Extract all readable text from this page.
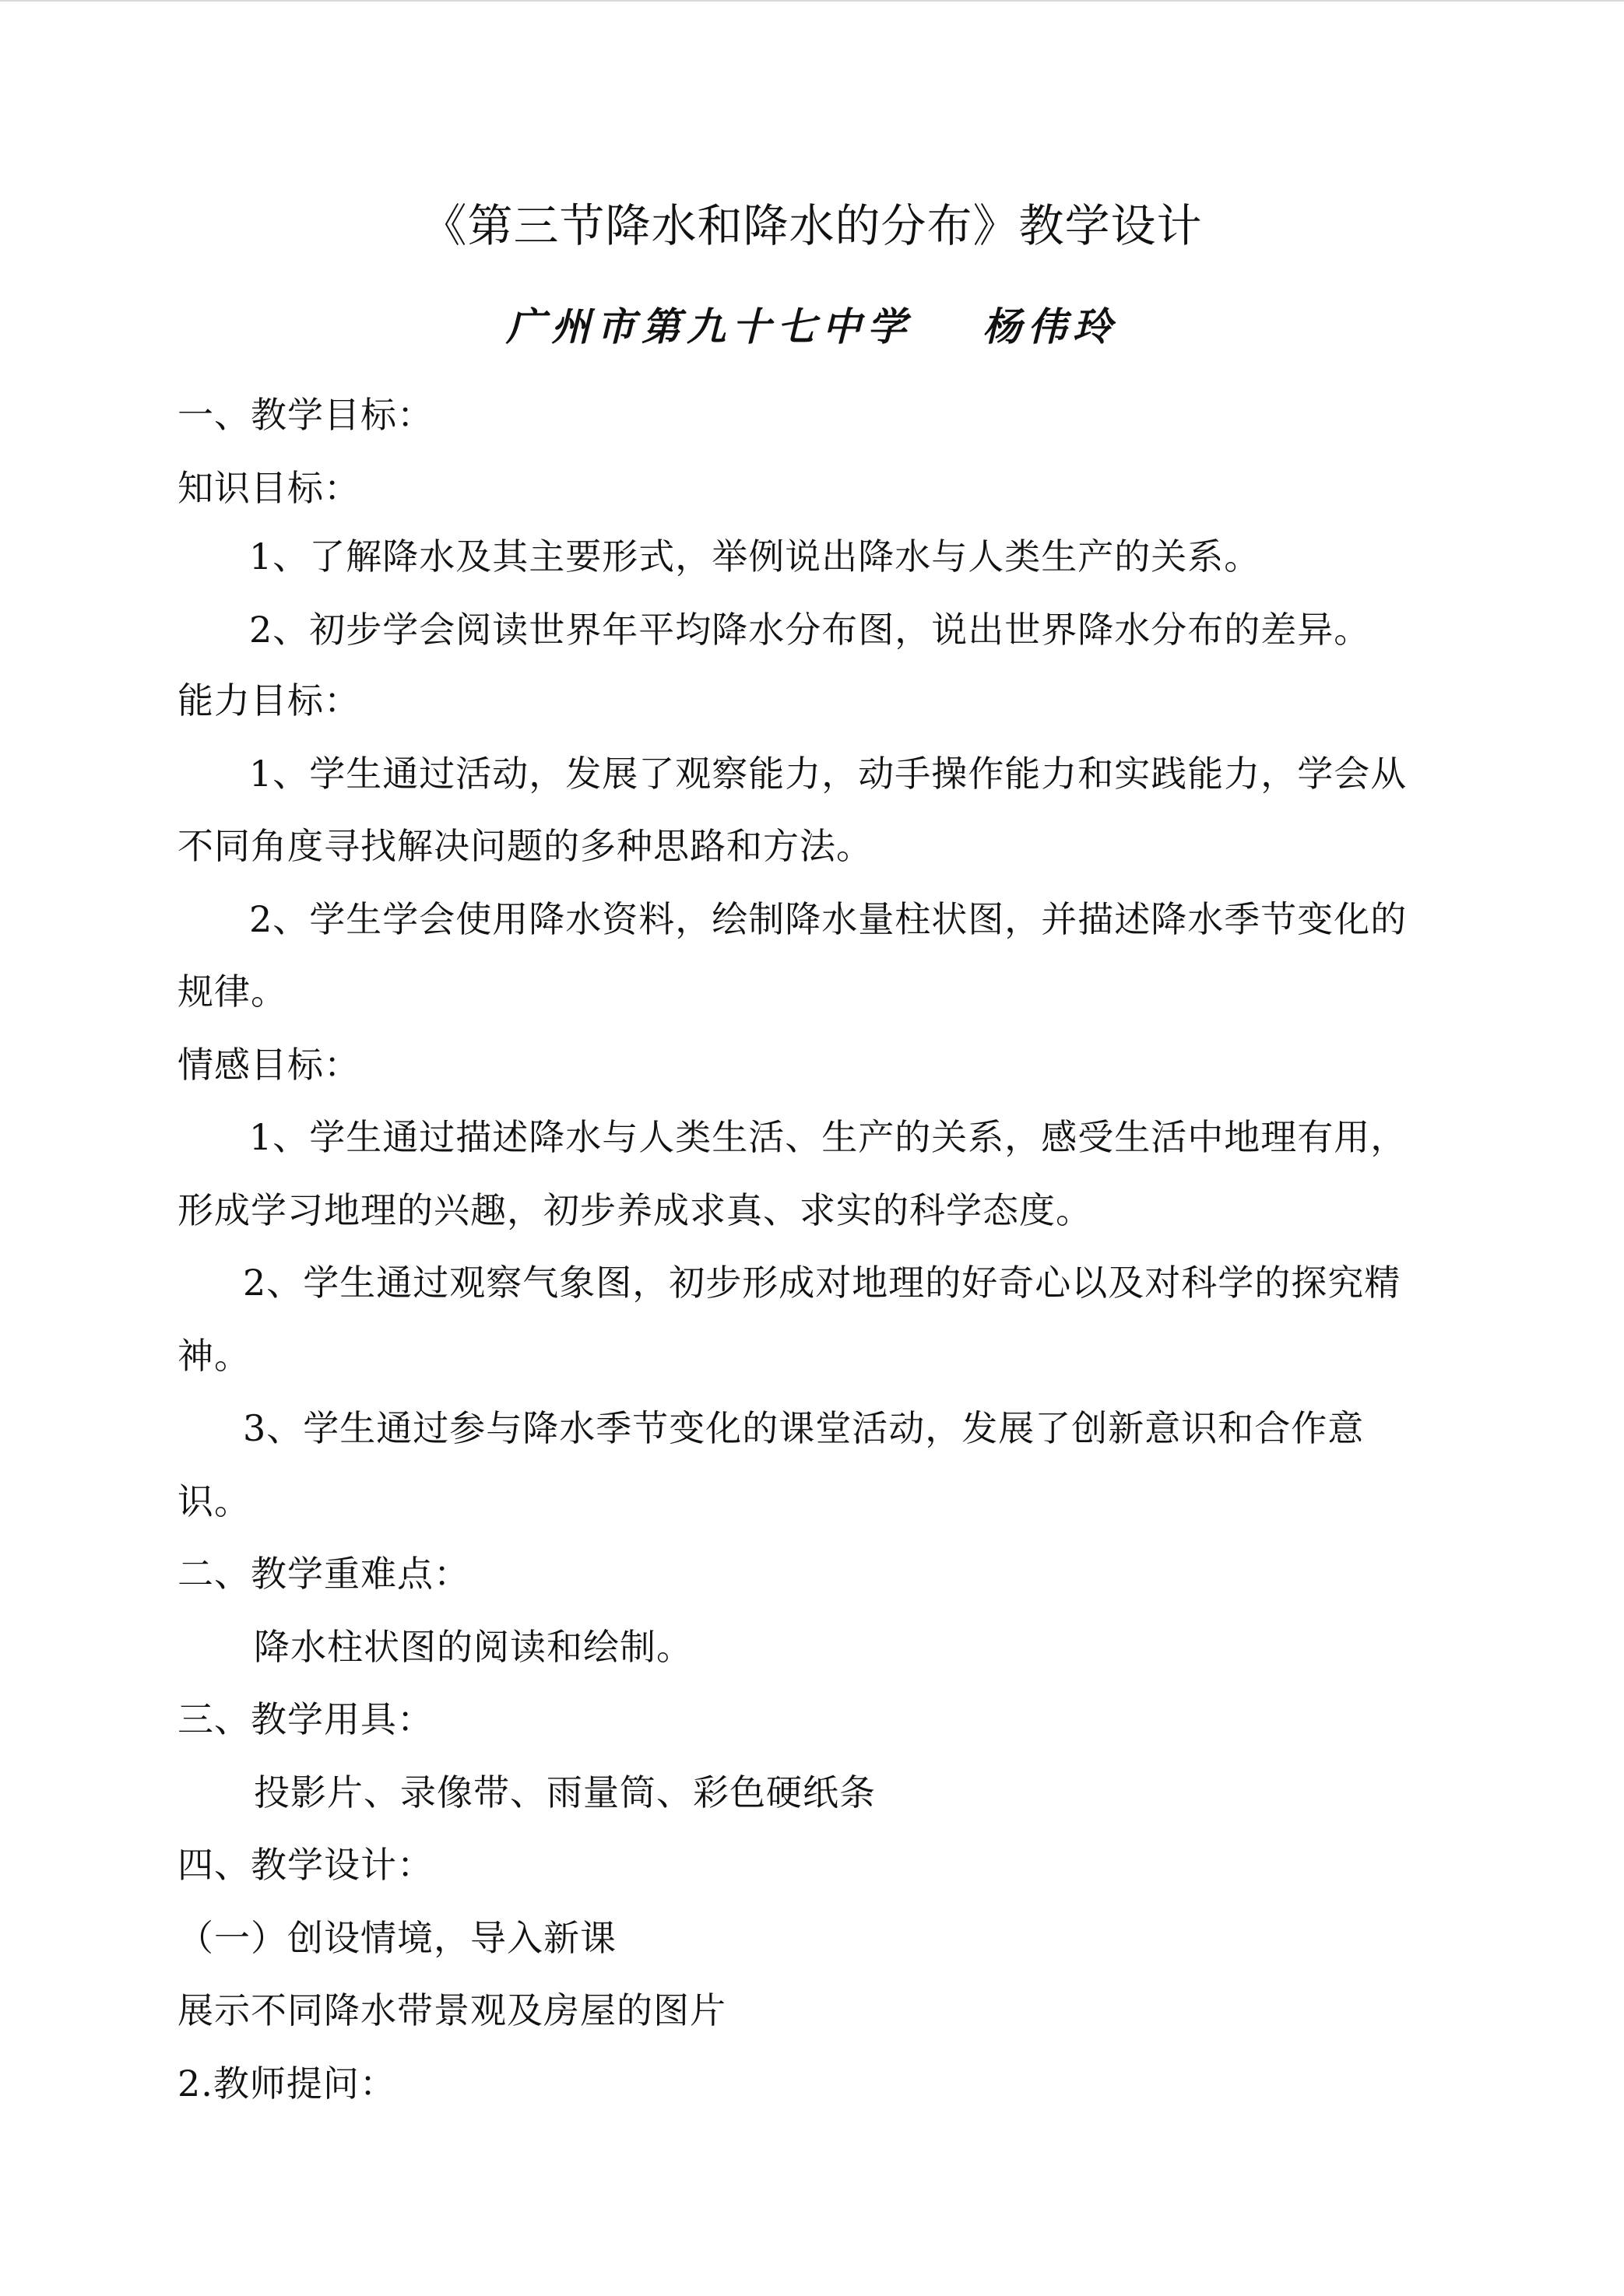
《第三节降水和降水的分布》教学设计
广州市第九十七中学 杨伟玲
一、教学目标：
知识目标：
1、了解降水及其主要形式，举例说出降水与人类生产的关系。
2、初步学会阅读世界年平均降水分布图，说出世界降水分布的差异。
能力目标：
1、学生通过活动，发展了观察能力，动手操作能力和实践能力，学会从
不同角度寻找解决问题的多种思路和方法。
2、学生学会使用降水资料，绘制降水量柱状图，并描述降水季节变化的
规律。
情感目标：
1、学生通过描述降水与人类生活、生产的关系，感受生活中地理有用，
形成学习地理的兴趣，初步养成求真、求实的科学态度。
2、学生通过观察气象图，初步形成对地理的好奇心以及对科学的探究精
神。
3、学生通过参与降水季节变化的课堂活动，发展了创新意识和合作意
识。
二、教学重难点：
降水柱状图的阅读和绘制。
三、教学用具：
投影片、录像带、雨量筒、彩色硬纸条
四、教学设计：
（一）创设情境，导入新课
展示不同降水带景观及房屋的图片
2.教师提问：
